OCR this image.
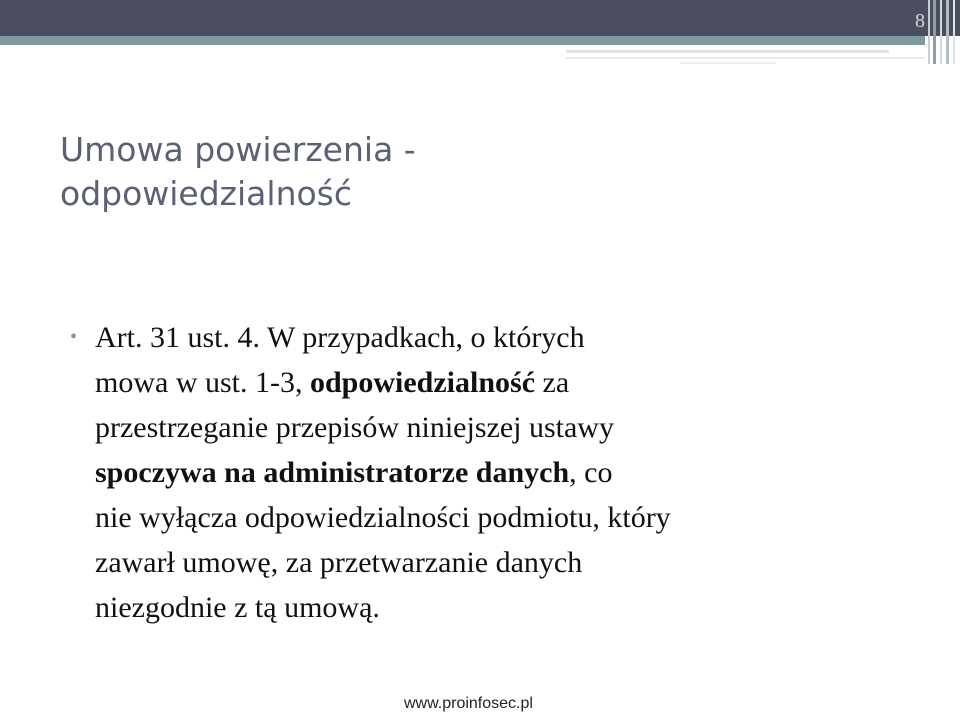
8
Umowa powierzenia -
odpowiedzialność
• Art. 31 ust. 4. W przypadkach, o których
mowa w ust. 1-3, odpowiedzialność za
przestrzeganie przepisów niniejszej ustawy
spoczywa na administratorze danych, co
nie wyłącza odpowiedzialności podmiotu, który
zawarł umowę, za przetwarzanie danych
niezgodnie z tą umową.
www.proinfosec.pl
